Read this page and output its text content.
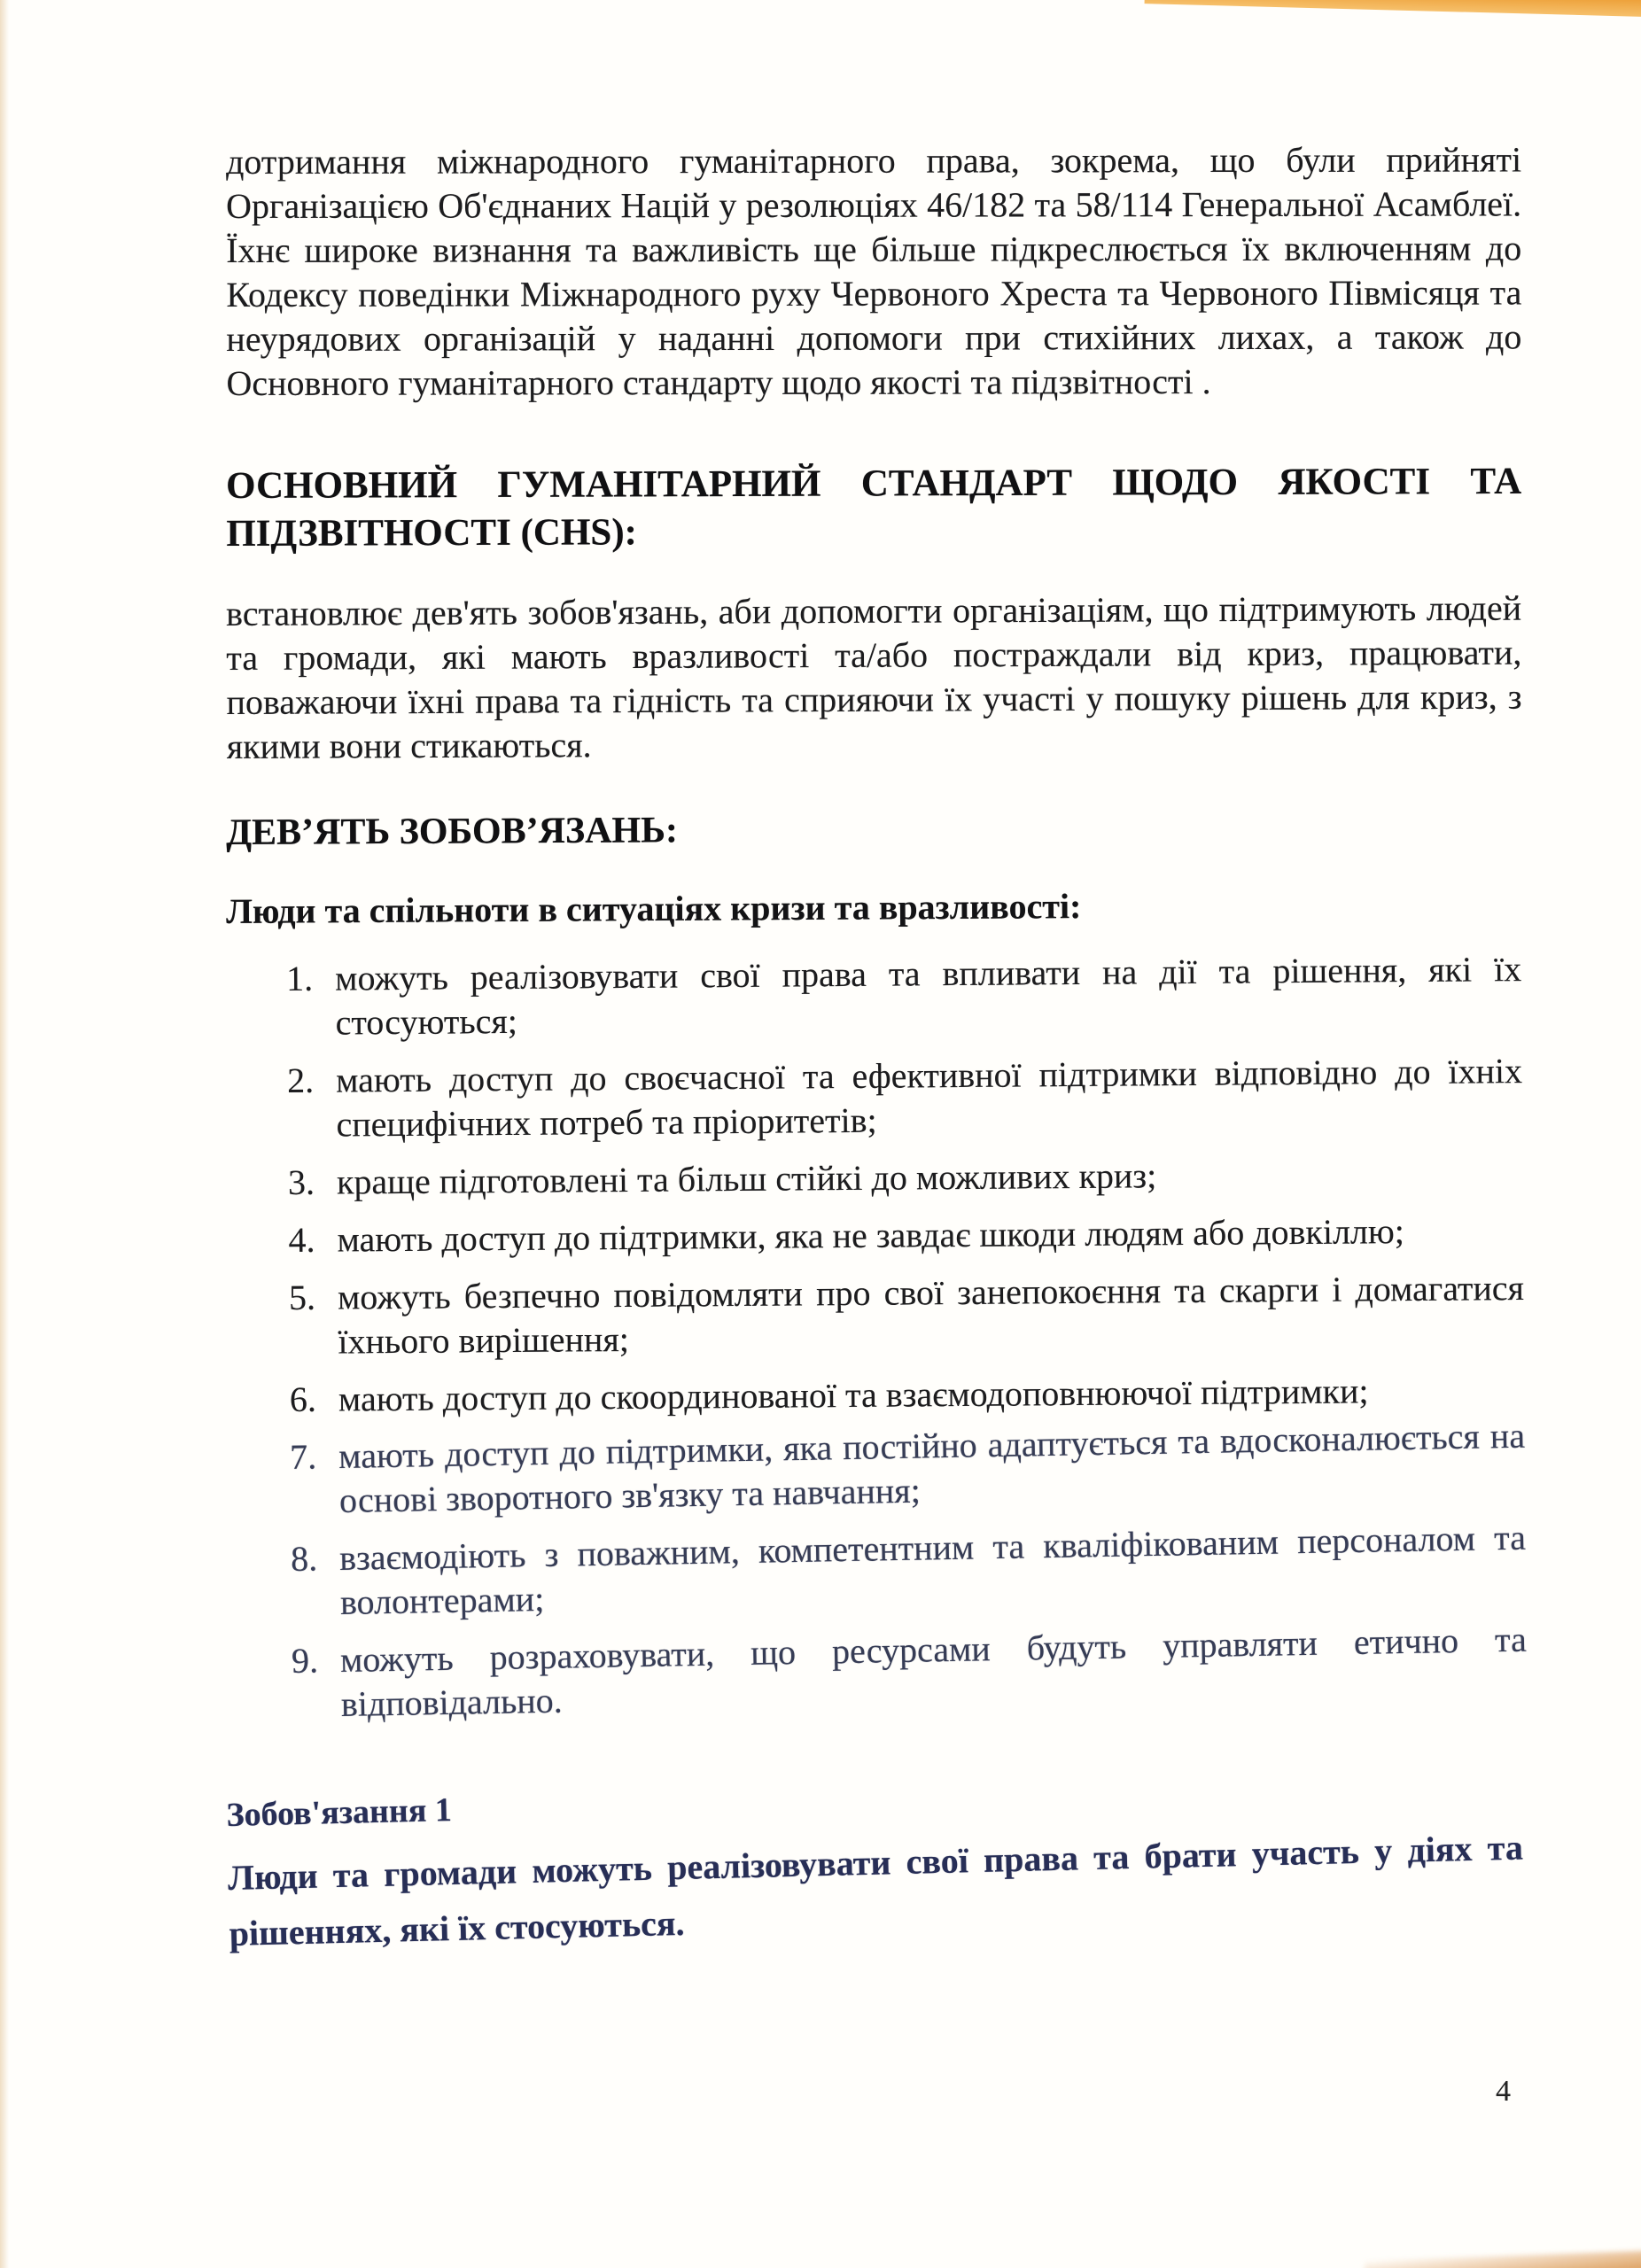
дотримання міжнародного гуманітарного права, зокрема, що були прийняті Організацією Об'єднаних Націй у резолюціях 46/182 та 58/114 Генеральної Асамблеї. Їхнє широке визнання та важливість ще більше підкреслюється їх включенням до Кодексу поведінки Міжнародного руху Червоного Хреста та Червоного Півмісяця та неурядових організацій у наданні допомоги при стихійних лихах, а також до Основного гуманітарного стандарту щодо якості та підзвітності .

ОСНОВНИЙ ГУМАНІТАРНИЙ СТАНДАРТ ЩОДО ЯКОСТІ ТА ПІДЗВІТНОСТІ (CHS):

встановлює дев'ять зобов'язань, аби допомогти організаціям, що підтримують людей та громади, які мають вразливості та/або постраждали від криз, працювати, поважаючи їхні права та гідність та сприяючи їх участі у пошуку рішень для криз, з якими вони стикаються.

ДЕВ’ЯТЬ ЗОБОВ’ЯЗАНЬ:
Люди та спільноти в ситуаціях кризи та вразливості:
можуть реалізовувати свої права та впливати на дії та рішення, які їх стосуються;
мають доступ до своєчасної та ефективної підтримки відповідно до їхніх специфічних потреб та пріоритетів;
краще підготовлені та більш стійкі до можливих криз;
мають доступ до підтримки, яка не завдає шкоди людям або довкіллю;
можуть безпечно повідомляти про свої занепокоєння та скарги і домагатися їхнього вирішення;
мають доступ до скоординованої та взаємодоповнюючої підтримки;
мають доступ до підтримки, яка постійно адаптується та вдосконалюється на основі зворотного зв'язку та навчання;
взаємодіють з поважним, компетентним та кваліфікованим персоналом та волонтерами;
можуть розраховувати, що ресурсами будуть управляти етично та відповідально.
Зобов'язання 1

Люди та громади можуть реалізовувати свої права та брати участь у діях та рішеннях, які їх стосуються.

4
